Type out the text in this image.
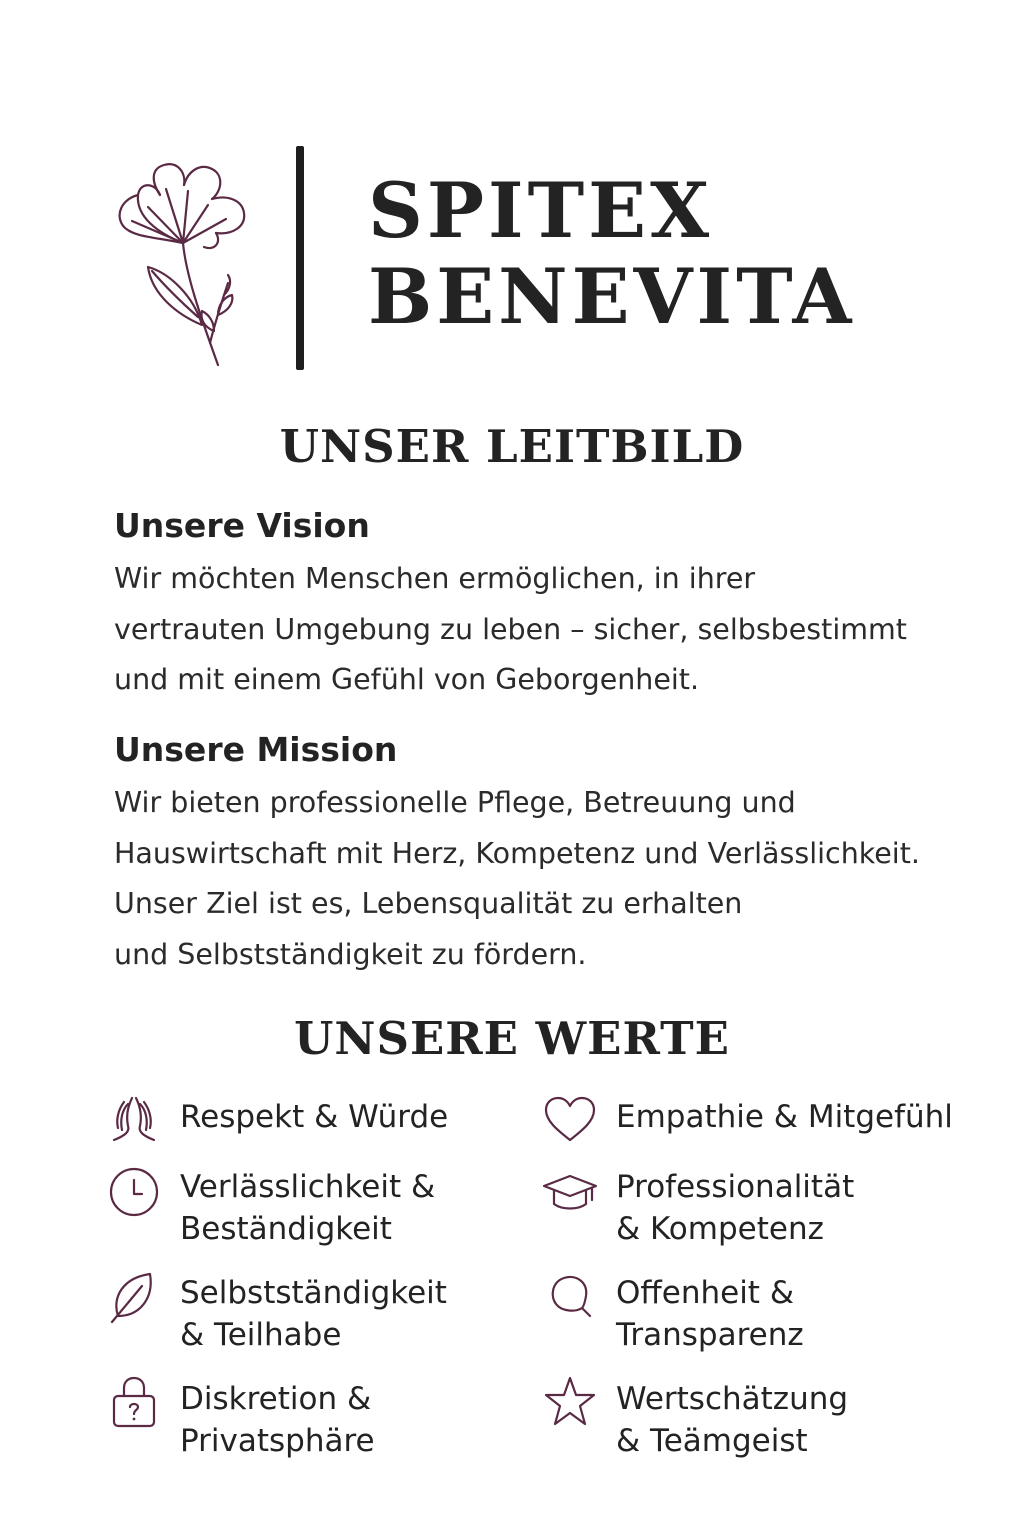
SPITEX
BENEVITA
UNSER LEITBILD
Unsere Vision
Wir möchten Menschen ermöglichen, in ihrer
vertrauten Umgebung zu leben – sicher, selbsbestimmt
und mit einem Gefühl von Geborgenheit.
Unsere Mission
Wir bieten professionelle Pflege, Betreuung und
Hauswirtschaft mit Herz, Kompetenz und Verlässlichkeit.
Unser Ziel ist es, Lebensqualität zu erhalten
und Selbstständigkeit zu fördern.
UNSERE WERTE
Respekt & Würde	Empathie & Mitgefühl
Verlässlichkeit &
Beständigkeit
Professionalität
& Kompetenz
Selbstständigkeit
& Teilhabe
Offenheit &
Transparenz
Diskretion &
Privatsphäre
Wertschätzung
& Teämgeist
